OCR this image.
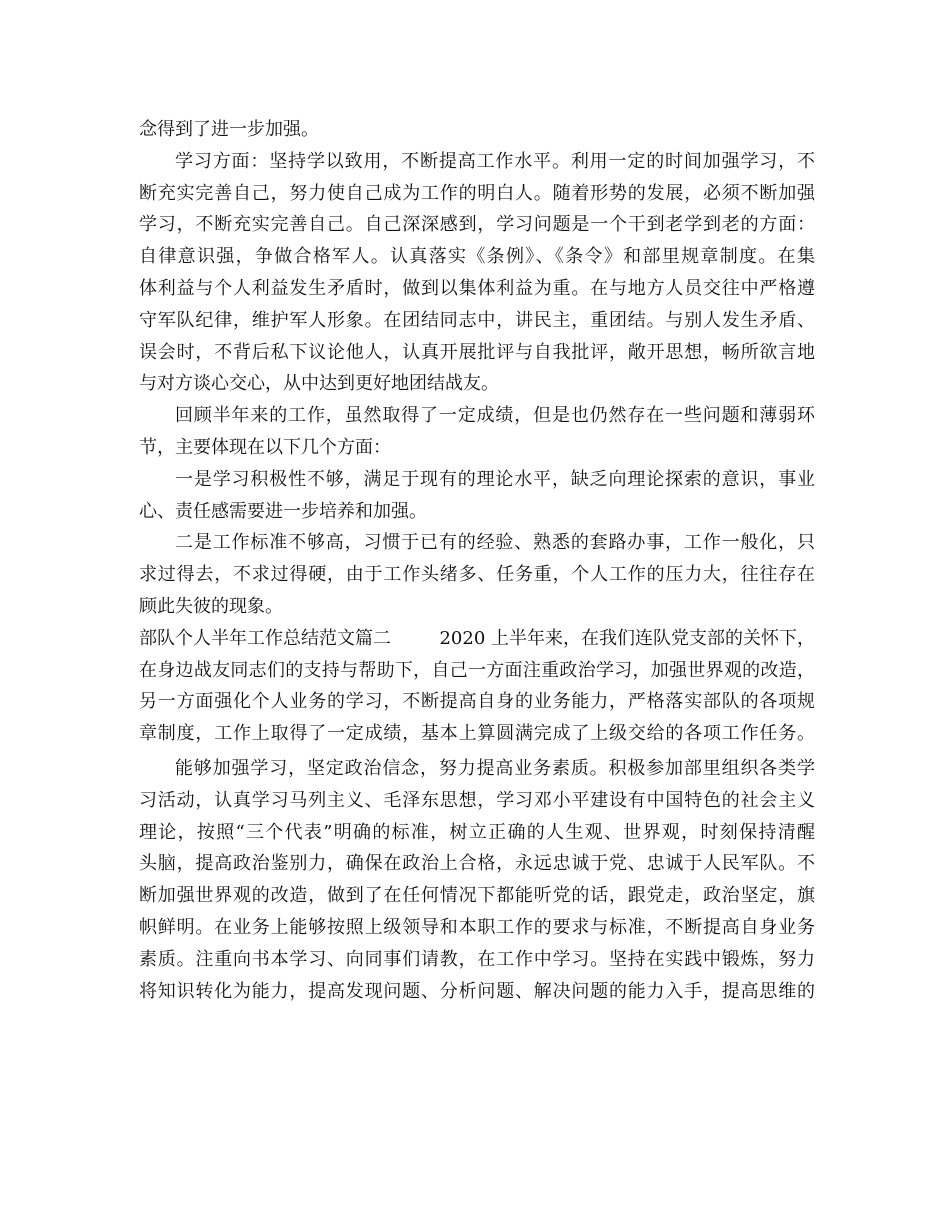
念得到了进一步加强。
学习方面：坚持学以致用，不断提高工作水平。利用一定的时间加强学习，不
断充实完善自己，努力使自己成为工作的明白人。随着形势的发展，必须不断加强
学习，不断充实完善自己。自己深深感到，学习问题是一个干到老学到老的方面：
自律意识强，争做合格军人。认真落实《条例》、《条令》和部里规章制度。在集
体利益与个人利益发生矛盾时，做到以集体利益为重。在与地方人员交往中严格遵
守军队纪律，维护军人形象。在团结同志中，讲民主，重团结。与别人发生矛盾、
误会时，不背后私下议论他人，认真开展批评与自我批评，敞开思想，畅所欲言地
与对方谈心交心，从中达到更好地团结战友。
回顾半年来的工作，虽然取得了一定成绩，但是也仍然存在一些问题和薄弱环
节，主要体现在以下几个方面：
一是学习积极性不够，满足于现有的理论水平，缺乏向理论探索的意识，事业
心、责任感需要进一步培养和加强。
二是工作标准不够高，习惯于已有的经验、熟悉的套路办事，工作一般化，只
求过得去，不求过得硬，由于工作头绪多、任务重，个人工作的压力大，往往存在
顾此失彼的现象。
部队个人半年工作总结范文篇二	2020 上半年来，在我们连队党支部的关怀下，
在身边战友同志们的支持与帮助下，自己一方面注重政治学习，加强世界观的改造，
另一方面强化个人业务的学习，不断提高自身的业务能力，严格落实部队的各项规
章制度，工作上取得了一定成绩，基本上算圆满完成了上级交给的各项工作任务。
能够加强学习，坚定政治信念，努力提高业务素质。积极参加部里组织各类学
习活动，认真学习马列主义、毛泽东思想，学习邓小平建设有中国特色的社会主义
理论，按照“三个代表”明确的标准，树立正确的人生观、世界观，时刻保持清醒
头脑，提高政治鉴别力，确保在政治上合格，永远忠诚于党、忠诚于人民军队。不
断加强世界观的改造，做到了在任何情况下都能听党的话，跟党走，政治坚定，旗
帜鲜明。在业务上能够按照上级领导和本职工作的要求与标准，不断提高自身业务
素质。注重向书本学习、向同事们请教，在工作中学习。坚持在实践中锻炼，努力
将知识转化为能力，提高发现问题、分析问题、解决问题的能力入手，提高思维的
